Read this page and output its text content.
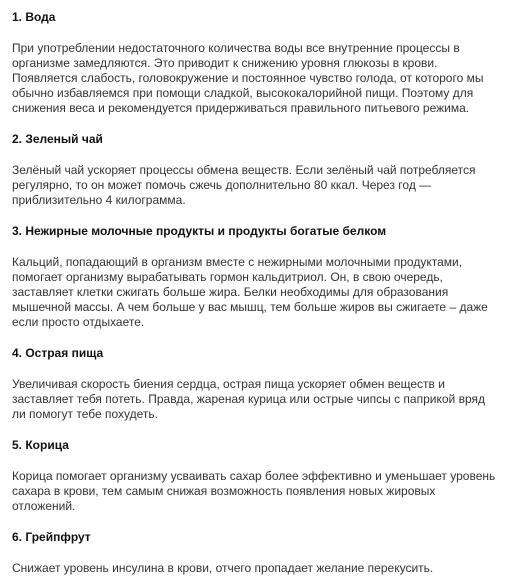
1. Вода

При употреблении недостаточного количества воды все внутренние процессы в организме замедляются. Это приводит к снижению уровня глюкозы в крови. Появляется слабость, головокружение и постоянное чувство голода, от которого мы обычно избавляемся при помощи сладкой, высококалорийной пищи. Поэтому для снижения веса и рекомендуется придерживаться правильного питьевого режима.

2. Зеленый чай

Зелёный чай ускоряет процессы обмена веществ. Если зелёный чай потребляется регулярно, то он может помочь сжечь дополнительно 80 ккал. Через год — приблизительно 4 килограмма.

3. Нежирные молочные продукты и продукты богатые белком

Кальций, попадающий в организм вместе с нежирными молочными продуктами, помогает организму вырабатывать гормон кальдитриол. Он, в свою очередь, заставляет клетки сжигать больше жира. Белки необходимы для образования мышечной массы. А чем больше у вас мышц, тем больше жиров вы сжигаете – даже если просто отдыхаете.

4. Острая пища

Увеличивая скорость биения сердца, острая пища ускоряет обмен веществ и заставляет тебя потеть. Правда, жареная курица или острые чипсы с паприкой вряд ли помогут тебе похудеть.

5. Корица

Корица помогает организму усваивать сахар более эффективно и уменьшает уровень сахара в крови, тем самым снижая возможность появления новых жировых отложений.

6. Грейпфрут

Снижает уровень инсулина в крови, отчего пропадает желание перекусить.
